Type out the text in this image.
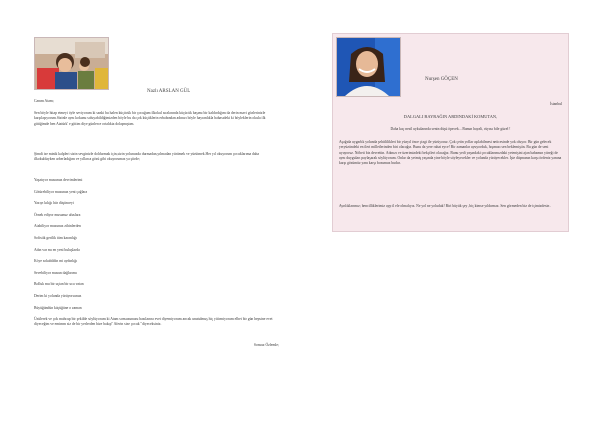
Nazlı ARSLAN GÜL

Canım Atam;

Sen böyle hitap etmeyi öyle seviyorum ki sanki bu halen küçücük bir çocuğum ilkokul sıralarında küçücük başımı bir kaldırdığım da derin mavi gözlerinizle karşılaşıyorum.Sizinle aynı kokunu soluyabildiğimizden böyle bu da çok küçüklerin erbabından adınızı böyle hayranlıkla babasıdeki ki böyleklerin okula ilk gittiğimde ben Atatürk' e gittim diye günlerce ortalıkta dolaşmıştım.

Şimdi ise minik kalpleri sizin sevginizle doldurmak için,sizin yolunuzda durmadan,yılmadan yürümek ve yürütmek.Her yıl okuyorum çocuklarıma daha ilkokuldayken arberladığım ve yıllarca gözü gibi okuyorumaz ya şiirde;

Yaşatıyor musunuz devrimlerimi

Götürebiliyor musunuz yeni çağlara

Yazıyı kılığı hür düşünceyi

Örnek ediyor musunuz uluslara

Atabiliyor musunuz zihinlerden

Sofistik gerilik tüm karanlığı

Adın var mı en yeni buluşlarda

Köye sokabildin mi aydınlığı

Sevebiliyor musun dağlarımı

Bolluk mu bir uçtan bir uca vatan

Derim ki yolunda yürüyorsunuz

Büyüğündün küçüğüne o zaman

Üzülerek ve çok mahcup bir şekilde söylüyorum ki Atam sonsuzunuzu bazılarına evet diyemiyorum ancak unutulmuş hiç yitirmiyorum elbet bir gün hepsine evet diyeceğim ve emimm siz de bir yerlerden bize bakıp" Aferin size çocuk "diyeceksiniz.

Sonsuz Özlemle;

Nurşen GÖÇEN

İstanbul

DALGALI BAYRAĞIN ARDINDAKİ KOMUTAN,

Daha kaç nesil uykularında senin düşü öpecek…Bunun hayali, rüyası bile güzel !

Aşağıda uygarlık yolunda şehitlilikleri bir yüzyıl önce çizgi ile yürüyoruz. Çok çetin yollar aşılabilmesi neticesinde yok oluyor. Bir gün gelecek yeryüzündeki en ileri milletlerinden biri olacağız. Bunu da yere rahat eyce! Bir zamanlar uyuyorduk, hışımızı sen beklemiştin. Bu gün de seni uyuyoruz. Nöbeti biz devrettin. Adınızı ve üzerimizdeki bekçileri olacağız. Bunu yedi yaşındaki çocuklarımızdaki yetenişini ajan babamın yüreği de aynı duyguları paylaşarak söylüyorum. Onlar da yetmiş yaşında yine böyle söyleyecekler ve yolunda yürüyecekler. İşte düşmanın karşı ördeniz yanına karşı gözümüz yanı karşı bozumuz budur.

Ayrılıklarımız; bencilliklerimiz ayp il ele olmalıyız. Ne yol ne yoluduk! Biri büyük şey ,biç kimse yıldırmaz. Sen görmeden biz de içimizdesin .
